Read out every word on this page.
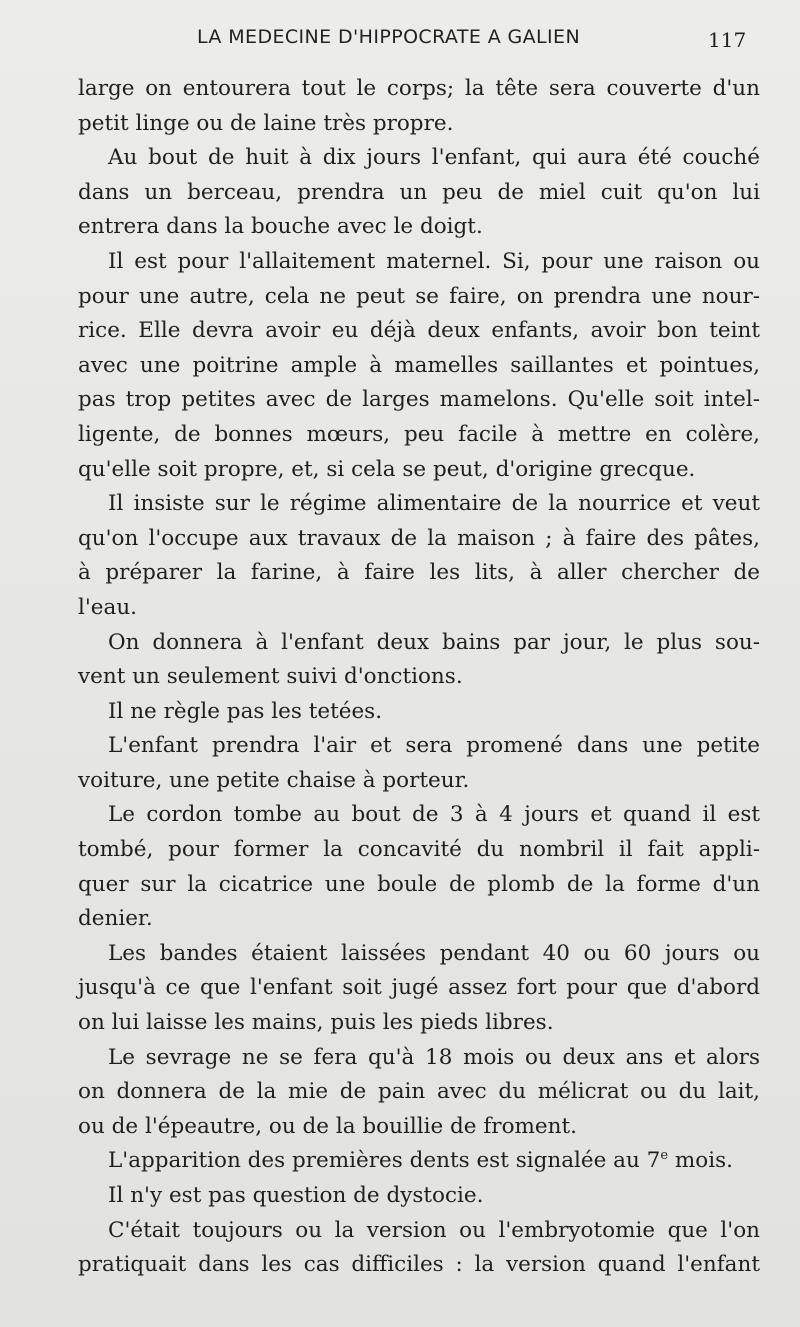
LA MEDECINE D'HIPPOCRATE A GALIEN	117
large on entourera tout le corps; la tête sera couverte d'un
petit linge ou de laine très propre.
Au bout de huit à dix jours l'enfant, qui aura été couché
dans un berceau, prendra un peu de miel cuit qu'on lui
entrera dans la bouche avec le doigt.
Il est pour l'allaitement maternel. Si, pour une raison ou
pour une autre, cela ne peut se faire, on prendra une nour-
rice. Elle devra avoir eu déjà deux enfants, avoir bon teint
avec une poitrine ample à mamelles saillantes et pointues,
pas trop petites avec de larges mamelons. Qu'elle soit intel-
ligente, de bonnes mœurs, peu facile à mettre en colère,
qu'elle soit propre, et, si cela se peut, d'origine grecque.
Il insiste sur le régime alimentaire de la nourrice et veut
qu'on l'occupe aux travaux de la maison ; à faire des pâtes,
à préparer la farine, à faire les lits, à aller chercher de
l'eau.
On donnera à l'enfant deux bains par jour, le plus sou-
vent un seulement suivi d'onctions.
Il ne règle pas les tetées.
L'enfant prendra l'air et sera promené dans une petite
voiture, une petite chaise à porteur.
Le cordon tombe au bout de 3 à 4 jours et quand il est
tombé, pour former la concavité du nombril il fait appli-
quer sur la cicatrice une boule de plomb de la forme d'un
denier.
Les bandes étaient laissées pendant 40 ou 60 jours ou
jusqu'à ce que l'enfant soit jugé assez fort pour que d'abord
on lui laisse les mains, puis les pieds libres.
Le sevrage ne se fera qu'à 18 mois ou deux ans et alors
on donnera de la mie de pain avec du mélicrat ou du lait,
ou de l'épeautre, ou de la bouillie de froment.
L'apparition des premières dents est signalée au 7e mois.
Il n'y est pas question de dystocie.
C'était toujours ou la version ou l'embryotomie que l'on
pratiquait dans les cas difficiles : la version quand l'enfant
